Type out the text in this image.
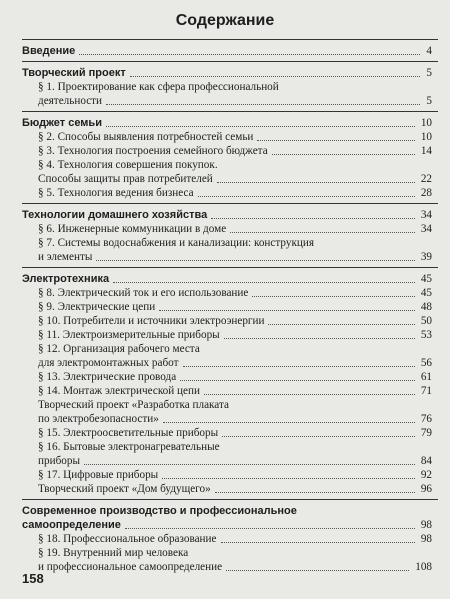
Содержание
Введение	4
Творческий проект	5
§ 1. Проектирование как сфера профессиональной
деятельности	5
Бюджет семьи	10
§ 2. Способы выявления потребностей семьи	10
§ 3. Технология построения семейного бюджета	14
§ 4. Технология совершения покупок.
Способы защиты прав потребителей	22
§ 5. Технология ведения бизнеса	28
Технологии домашнего хозяйства	34
§ 6. Инженерные коммуникации в доме	34
§ 7. Системы водоснабжения и канализации: конструкция
и элементы	39
Электротехника	45
§ 8. Электрический ток и его использование	45
§ 9. Электрические цепи	48
§ 10. Потребители и источники электроэнергии	50
§ 11. Электроизмерительные приборы	53
§ 12. Организация рабочего места
для электромонтажных работ	56
§ 13. Электрические провода	61
§ 14. Монтаж электрической цепи	71
Творческий проект «Разработка плаката
по электробезопасности»	76
§ 15. Электроосветительные приборы	79
§ 16. Бытовые электронагревательные
приборы	84
§ 17. Цифровые приборы	92
Творческий проект «Дом будущего»	96
Современное производство и профессиональное
самоопределение	98
§ 18. Профессиональное образование	98
§ 19. Внутренний мир человека
и профессиональное самоопределение	108
158
